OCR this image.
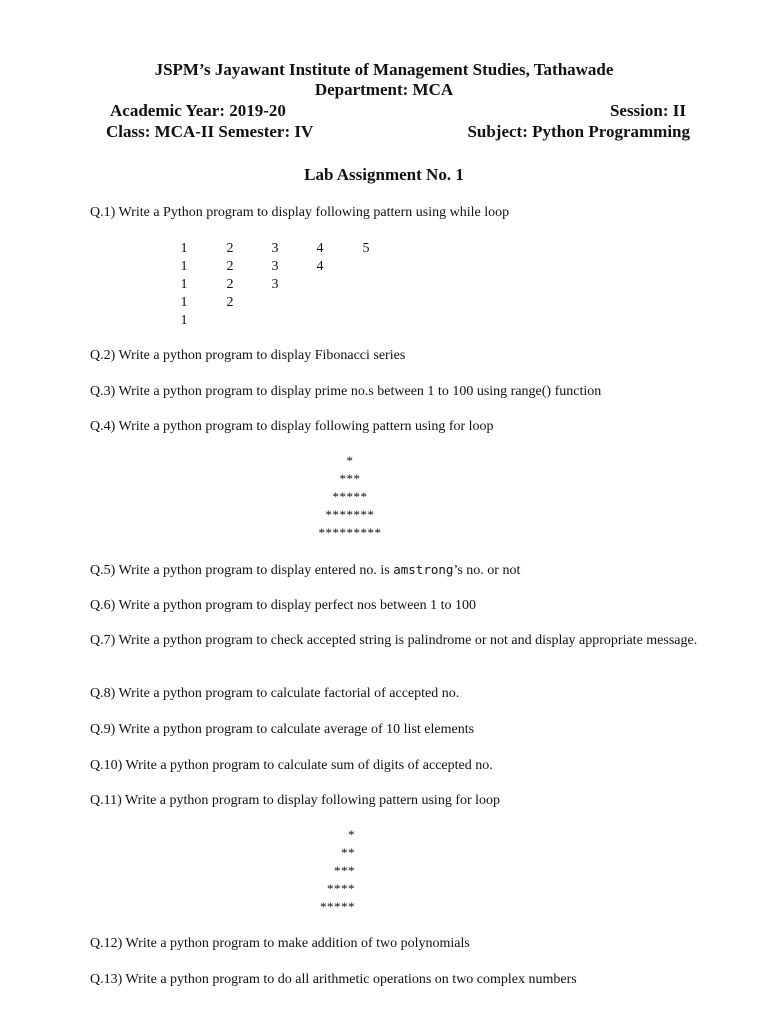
JSPM’s Jayawant Institute of Management Studies, Tathawade
Department: MCA
Academic Year: 2019-20	Session: II
Class: MCA-II Semester: IV	Subject: Python Programming
Lab Assignment No. 1
Q.1) Write a Python program to display following pattern using while loop
1	2	3	4	5
1	2	3	4
1	2	3
1	2
1
Q.2) Write a python program to display Fibonacci series
Q.3) Write a python program to display prime no.s between 1 to 100 using range() function
Q.4) Write a python program to display following pattern using for loop
*
***
*****
*******
*********
Q.5) Write a python program to display entered no. is amstrong’s no. or not
Q.6) Write a python program to display perfect nos between 1 to 100
Q.7) Write a python program to check accepted string is palindrome or not and display appropriate message.
Q.8) Write a python program to calculate factorial of accepted no.
Q.9) Write a python program to calculate average of 10 list elements
Q.10) Write a python program to calculate sum of digits of accepted no.
Q.11) Write a python program to display following pattern using for loop
*
**
***
****
*****
Q.12) Write a python program to make addition of two polynomials
Q.13) Write a python program to do all arithmetic operations on two complex numbers
